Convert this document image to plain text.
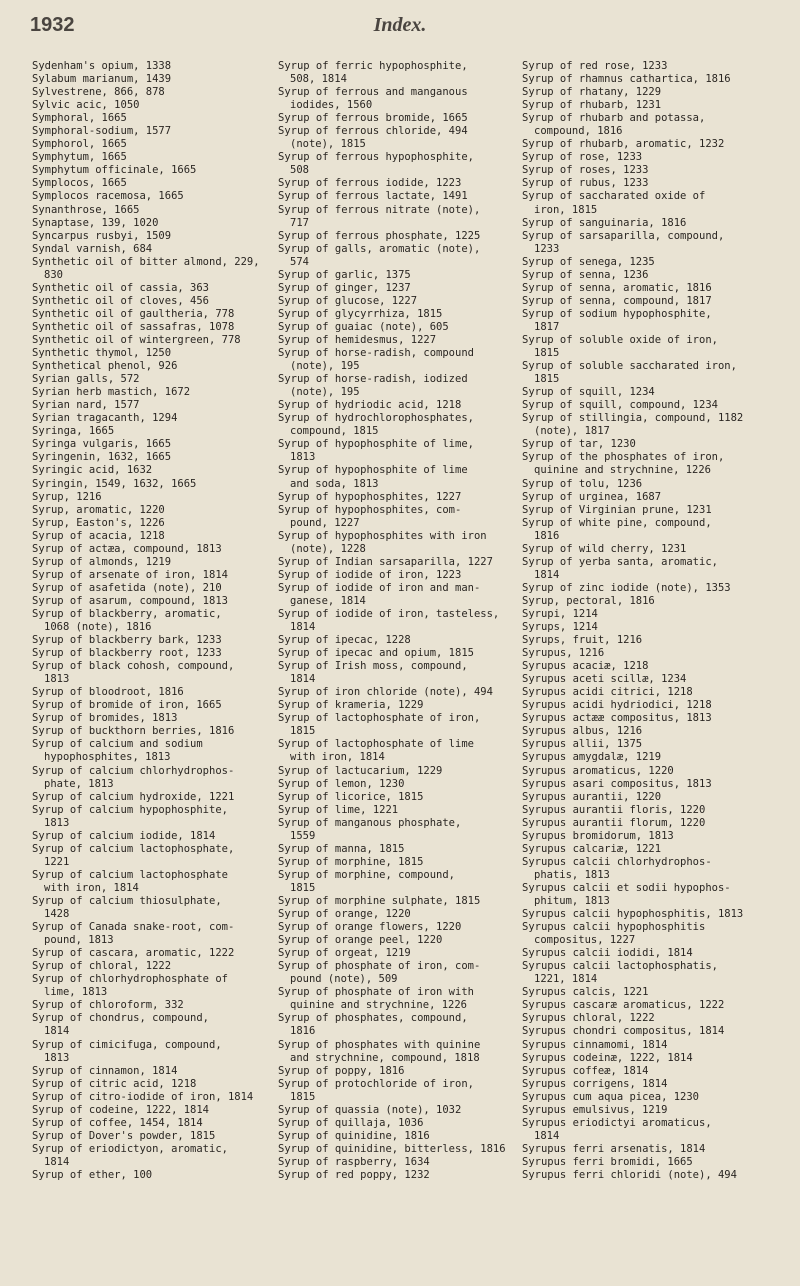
1932	Index.
Sydenham's opium, 1338
Sylabum marianum, 1439
Sylvestrene, 866, 878
Sylvic acic, 1050
Symphoral, 1665
Symphoral-sodium, 1577
Symphorol, 1665
Symphytum, 1665
Symphytum officinale, 1665
Symplocos, 1665
Symplocos racemosa, 1665
Synanthrose, 1665
Synaptase, 139, 1020
Syncarpus rusbyi, 1509
Syndal varnish, 684
Synthetic oil of bitter almond, 229,
830
Synthetic oil of cassia, 363
Synthetic oil of cloves, 456
Synthetic oil of gaultheria, 778
Synthetic oil of sassafras, 1078
Synthetic oil of wintergreen, 778
Synthetic thymol, 1250
Synthetical phenol, 926
Syrian galls, 572
Syrian herb mastich, 1672
Syrian nard, 1577
Syrian tragacanth, 1294
Syringa, 1665
Syringa vulgaris, 1665
Syringenin, 1632, 1665
Syringic acid, 1632
Syringin, 1549, 1632, 1665
Syrup, 1216
Syrup, aromatic, 1220
Syrup, Easton's, 1226
Syrup of acacia, 1218
Syrup of actæa, compound, 1813
Syrup of almonds, 1219
Syrup of arsenate of iron, 1814
Syrup of asafetida (note), 210
Syrup of asarum, compound, 1813
Syrup of blackberry, aromatic,
1068 (note), 1816
Syrup of blackberry bark, 1233
Syrup of blackberry root, 1233
Syrup of black cohosh, compound,
1813
Syrup of bloodroot, 1816
Syrup of bromide of iron, 1665
Syrup of bromides, 1813
Syrup of buckthorn berries, 1816
Syrup of calcium and sodium
hypophosphites, 1813
Syrup of calcium chlorhydrophos-
phate, 1813
Syrup of calcium hydroxide, 1221
Syrup of calcium hypophosphite,
1813
Syrup of calcium iodide, 1814
Syrup of calcium lactophosphate,
1221
Syrup of calcium lactophosphate
with iron, 1814
Syrup of calcium thiosulphate,
1428
Syrup of Canada snake-root, com-
pound, 1813
Syrup of cascara, aromatic, 1222
Syrup of chloral, 1222
Syrup of chlorhydrophosphate of
lime, 1813
Syrup of chloroform, 332
Syrup of chondrus, compound,
1814
Syrup of cimicifuga, compound,
1813
Syrup of cinnamon, 1814
Syrup of citric acid, 1218
Syrup of citro-iodide of iron, 1814
Syrup of codeine, 1222, 1814
Syrup of coffee, 1454, 1814
Syrup of Dover's powder, 1815
Syrup of eriodictyon, aromatic,
1814
Syrup of ether, 100
Syrup of ferric hypophosphite,
508, 1814
Syrup of ferrous and manganous
iodides, 1560
Syrup of ferrous bromide, 1665
Syrup of ferrous chloride, 494
(note), 1815
Syrup of ferrous hypophosphite,
508
Syrup of ferrous iodide, 1223
Syrup of ferrous lactate, 1491
Syrup of ferrous nitrate (note),
717
Syrup of ferrous phosphate, 1225
Syrup of galls, aromatic (note),
574
Syrup of garlic, 1375
Syrup of ginger, 1237
Syrup of glucose, 1227
Syrup of glycyrrhiza, 1815
Syrup of guaiac (note), 605
Syrup of hemidesmus, 1227
Syrup of horse-radish, compound
(note), 195
Syrup of horse-radish, iodized
(note), 195
Syrup of hydriodic acid, 1218
Syrup of hydrochlorophosphates,
compound, 1815
Syrup of hypophosphite of lime,
1813
Syrup of hypophosphite of lime
and soda, 1813
Syrup of hypophosphites, 1227
Syrup of hypophosphites, com-
pound, 1227
Syrup of hypophosphites with iron
(note), 1228
Syrup of Indian sarsaparilla, 1227
Syrup of iodide of iron, 1223
Syrup of iodide of iron and man-
ganese, 1814
Syrup of iodide of iron, tasteless,
1814
Syrup of ipecac, 1228
Syrup of ipecac and opium, 1815
Syrup of Irish moss, compound,
1814
Syrup of iron chloride (note), 494
Syrup of krameria, 1229
Syrup of lactophosphate of iron,
1815
Syrup of lactophosphate of lime
with iron, 1814
Syrup of lactucarium, 1229
Syrup of lemon, 1230
Syrup of licorice, 1815
Syrup of lime, 1221
Syrup of manganous phosphate,
1559
Syrup of manna, 1815
Syrup of morphine, 1815
Syrup of morphine, compound,
1815
Syrup of morphine sulphate, 1815
Syrup of orange, 1220
Syrup of orange flowers, 1220
Syrup of orange peel, 1220
Syrup of orgeat, 1219
Syrup of phosphate of iron, com-
pound (note), 509
Syrup of phosphate of iron with
quinine and strychnine, 1226
Syrup of phosphates, compound,
1816
Syrup of phosphates with quinine
and strychnine, compound, 1818
Syrup of poppy, 1816
Syrup of protochloride of iron,
1815
Syrup of quassia (note), 1032
Syrup of quillaja, 1036
Syrup of quinidine, 1816
Syrup of quinidine, bitterless, 1816
Syrup of raspberry, 1634
Syrup of red poppy, 1232
Syrup of red rose, 1233
Syrup of rhamnus cathartica, 1816
Syrup of rhatany, 1229
Syrup of rhubarb, 1231
Syrup of rhubarb and potassa,
compound, 1816
Syrup of rhubarb, aromatic, 1232
Syrup of rose, 1233
Syrup of roses, 1233
Syrup of rubus, 1233
Syrup of saccharated oxide of
iron, 1815
Syrup of sanguinaria, 1816
Syrup of sarsaparilla, compound,
1233
Syrup of senega, 1235
Syrup of senna, 1236
Syrup of senna, aromatic, 1816
Syrup of senna, compound, 1817
Syrup of sodium hypophosphite,
1817
Syrup of soluble oxide of iron,
1815
Syrup of soluble saccharated iron,
1815
Syrup of squill, 1234
Syrup of squill, compound, 1234
Syrup of stillingia, compound, 1182
(note), 1817
Syrup of tar, 1230
Syrup of the phosphates of iron,
quinine and strychnine, 1226
Syrup of tolu, 1236
Syrup of urginea, 1687
Syrup of Virginian prune, 1231
Syrup of white pine, compound,
1816
Syrup of wild cherry, 1231
Syrup of yerba santa, aromatic,
1814
Syrup of zinc iodide (note), 1353
Syrup, pectoral, 1816
Syrupi, 1214
Syrups, 1214
Syrups, fruit, 1216
Syrupus, 1216
Syrupus acaciæ, 1218
Syrupus aceti scillæ, 1234
Syrupus acidi citrici, 1218
Syrupus acidi hydriodici, 1218
Syrupus actææ compositus, 1813
Syrupus albus, 1216
Syrupus allii, 1375
Syrupus amygdalæ, 1219
Syrupus aromaticus, 1220
Syrupus asari compositus, 1813
Syrupus aurantii, 1220
Syrupus aurantii floris, 1220
Syrupus aurantii florum, 1220
Syrupus bromidorum, 1813
Syrupus calcariæ, 1221
Syrupus calcii chlorhydrophos-
phatis, 1813
Syrupus calcii et sodii hypophos-
phitum, 1813
Syrupus calcii hypophosphitis, 1813
Syrupus calcii hypophosphitis
compositus, 1227
Syrupus calcii iodidi, 1814
Syrupus calcii lactophosphatis,
1221, 1814
Syrupus calcis, 1221
Syrupus cascaræ aromaticus, 1222
Syrupus chloral, 1222
Syrupus chondri compositus, 1814
Syrupus cinnamomi, 1814
Syrupus codeinæ, 1222, 1814
Syrupus coffeæ, 1814
Syrupus corrigens, 1814
Syrupus cum aqua picea, 1230
Syrupus emulsivus, 1219
Syrupus eriodictyi aromaticus,
1814
Syrupus ferri arsenatis, 1814
Syrupus ferri bromidi, 1665
Syrupus ferri chloridi (note), 494
